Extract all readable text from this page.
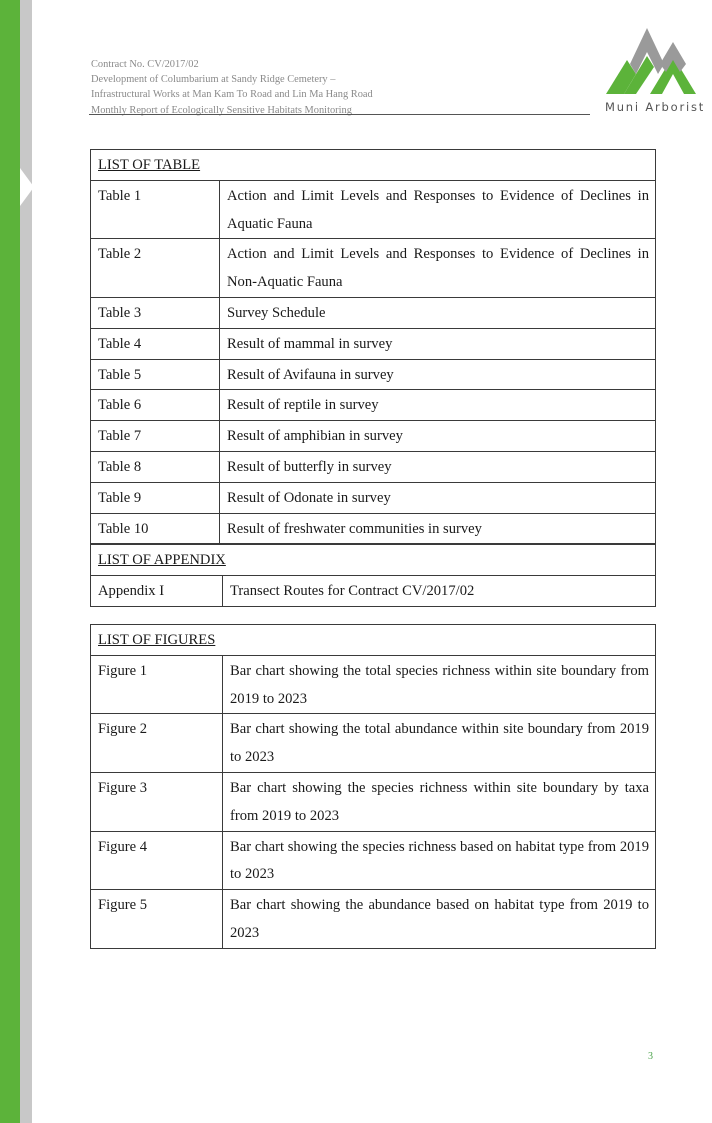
Contract No. CV/2017/02
Development of Columbarium at Sandy Ridge Cemetery –
Infrastructural Works at Man Kam To Road and Lin Ma Hang Road
Monthly Report of Ecologically Sensitive Habitats Monitoring	Muni Arborist
LIST OF TABLE	
Table 1	Action and Limit Levels and Responses to Evidence of Declines in Aquatic Fauna
Table 2	Action and Limit Levels and Responses to Evidence of Declines in Non-Aquatic Fauna
Table 3	Survey Schedule
Table 4	Result of mammal in survey
Table 5	Result of Avifauna in survey
Table 6	Result of reptile in survey
Table 7	Result of amphibian in survey
Table 8	Result of butterfly in survey
Table 9	Result of Odonate in survey
Table 10	Result of freshwater communities in survey
LIST OF APPENDIX
Appendix I	Transect Routes for Contract CV/2017/02
LIST OF FIGURES	
Figure 1	Bar chart showing the total species richness within site boundary from 2019 to 2023
Figure 2	Bar chart showing the total abundance within site boundary from 2019 to 2023
Figure 3	Bar chart showing the species richness within site boundary by taxa from 2019 to 2023
Figure 4	Bar chart showing the species richness based on habitat type from 2019 to 2023
Figure 5	Bar chart showing the abundance based on habitat type from 2019 to 2023
3
